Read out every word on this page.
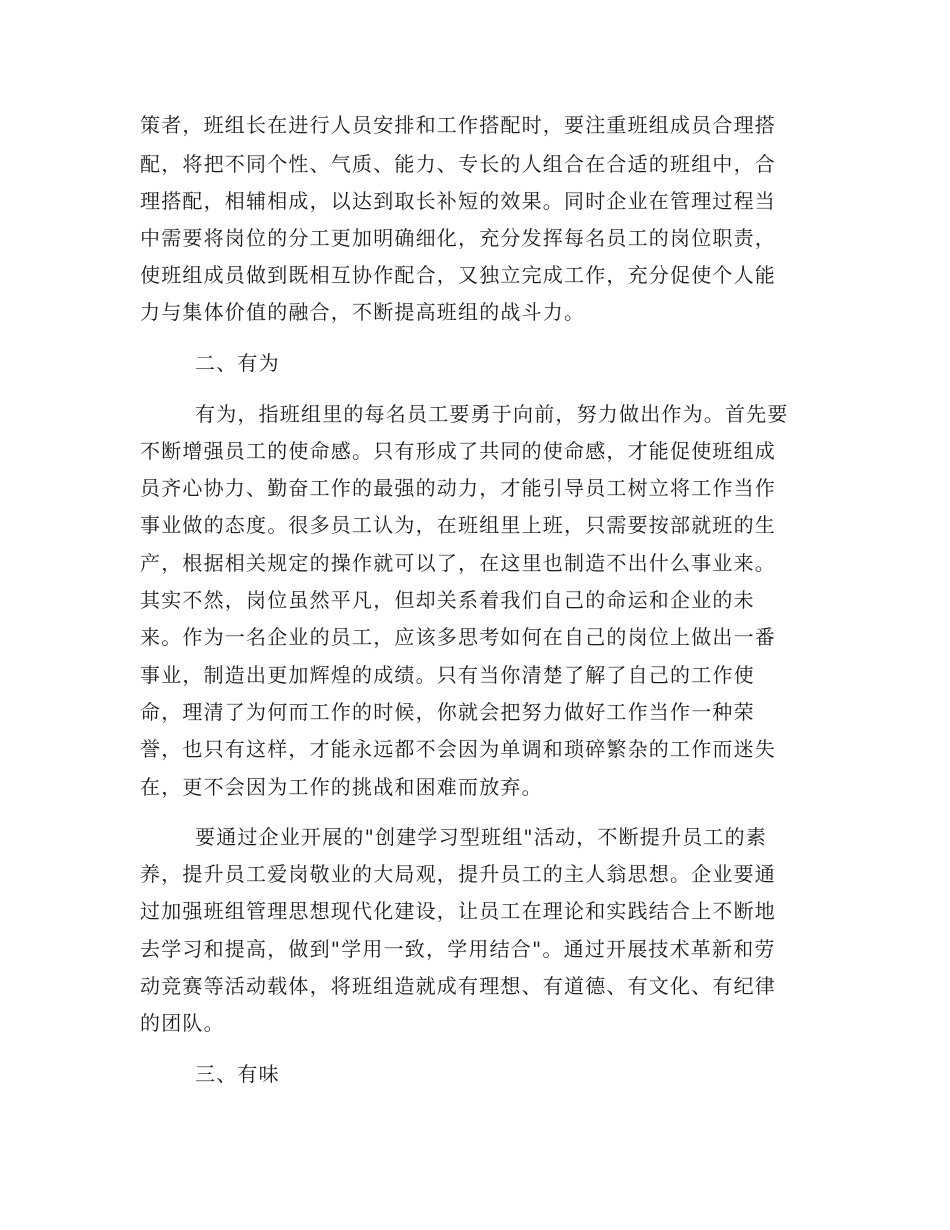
策者，班组长在进行人员安排和工作搭配时，要注重班组成员合理搭
配，将把不同个性、气质、能力、专长的人组合在合适的班组中，合
理搭配，相辅相成，以达到取长补短的效果。同时企业在管理过程当
中需要将岗位的分工更加明确细化，充分发挥每名员工的岗位职责，
使班组成员做到既相互协作配合，又独立完成工作，充分促使个人能
力与集体价值的融合，不断提高班组的战斗力。
二、有为
有为，指班组里的每名员工要勇于向前，努力做出作为。首先要
不断增强员工的使命感。只有形成了共同的使命感，才能促使班组成
员齐心协力、勤奋工作的最强的动力，才能引导员工树立将工作当作
事业做的态度。很多员工认为，在班组里上班，只需要按部就班的生
产，根据相关规定的操作就可以了，在这里也制造不出什么事业来。
其实不然，岗位虽然平凡，但却关系着我们自己的命运和企业的未
来。作为一名企业的员工，应该多思考如何在自己的岗位上做出一番
事业，制造出更加辉煌的成绩。只有当你清楚了解了自己的工作使
命，理清了为何而工作的时候，你就会把努力做好工作当作一种荣
誉，也只有这样，才能永远都不会因为单调和琐碎繁杂的工作而迷失
在，更不会因为工作的挑战和困难而放弃。
要通过企业开展的"创建学习型班组"活动，不断提升员工的素
养，提升员工爱岗敬业的大局观，提升员工的主人翁思想。企业要通
过加强班组管理思想现代化建设，让员工在理论和实践结合上不断地
去学习和提高，做到"学用一致，学用结合"。通过开展技术革新和劳
动竞赛等活动载体，将班组造就成有理想、有道德、有文化、有纪律
的团队。
三、有味
